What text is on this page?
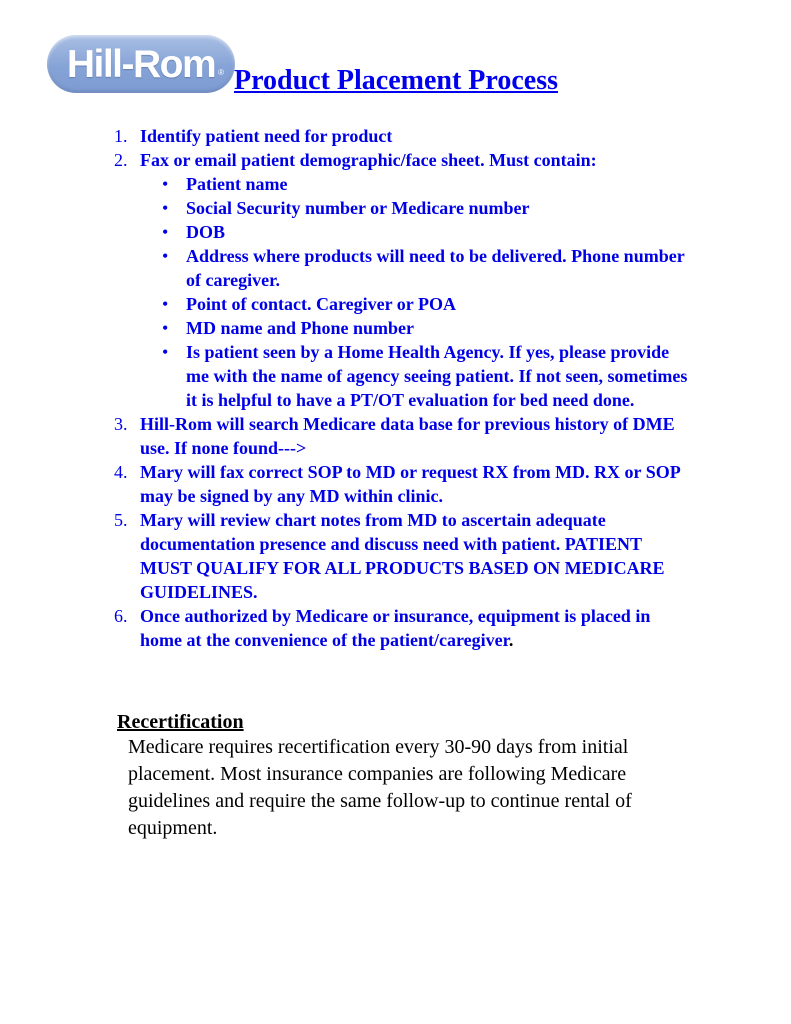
Hill-Rom ® Product Placement Process
1. Identify patient need for product
2. Fax or email patient demographic/face sheet. Must contain:
• Patient name
• Social Security number or Medicare number
• DOB
• Address where products will need to be delivered. Phone number of caregiver.
• Point of contact. Caregiver or POA
• MD name and Phone number
• Is patient seen by a Home Health Agency. If yes, please provide me with the name of agency seeing patient. If not seen, sometimes it is helpful to have a PT/OT evaluation for bed need done.
3. Hill-Rom will search Medicare data base for previous history of DME use. If none found--->
4. Mary will fax correct SOP to MD or request RX from MD. RX or SOP may be signed by any MD within clinic.
5. Mary will review chart notes from MD to ascertain adequate documentation presence and discuss need with patient. PATIENT MUST QUALIFY FOR ALL PRODUCTS BASED ON MEDICARE GUIDELINES.
6. Once authorized by Medicare or insurance, equipment is placed in home at the convenience of the patient/caregiver.
Recertification

Medicare requires recertification every 30-90 days from initial placement. Most insurance companies are following Medicare guidelines and require the same follow-up to continue rental of equipment.
